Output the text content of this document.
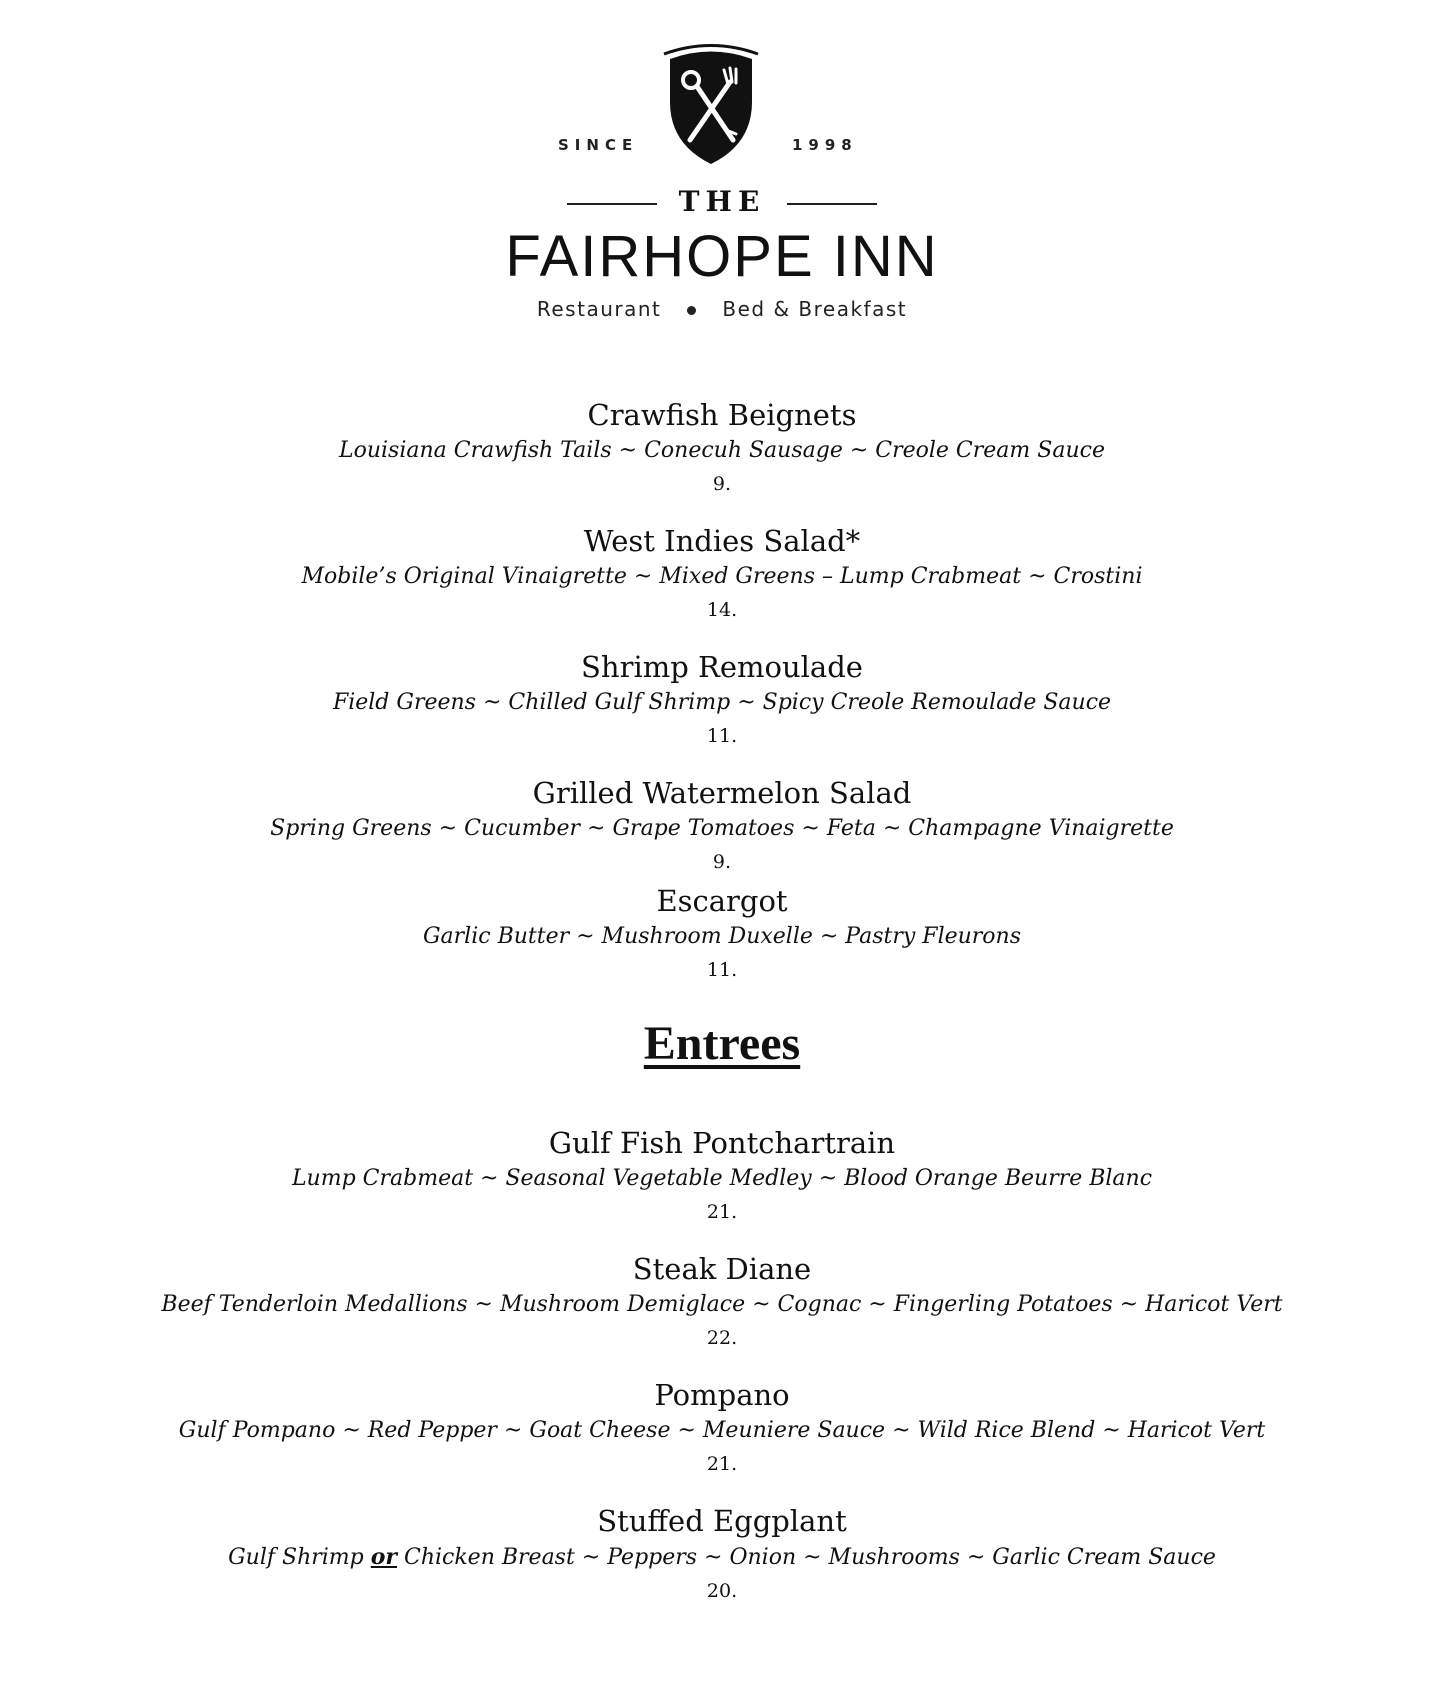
SINCE	1998
THE
FAIRHOPE INN
Restaurant	Bed & Breakfast
Crawfish Beignets
Louisiana Crawfish Tails ~ Conecuh Sausage ~ Creole Cream Sauce
9.
West Indies Salad*
Mobile’s Original Vinaigrette ~ Mixed Greens – Lump Crabmeat ~ Crostini
14.
Shrimp Remoulade
Field Greens ~ Chilled Gulf Shrimp ~ Spicy Creole Remoulade Sauce
11.
Grilled Watermelon Salad
Spring Greens ~ Cucumber ~ Grape Tomatoes ~ Feta ~ Champagne Vinaigrette
9.
Escargot
Garlic Butter ~ Mushroom Duxelle ~ Pastry Fleurons
11.
Entrees
Gulf Fish Pontchartrain
Lump Crabmeat ~ Seasonal Vegetable Medley ~ Blood Orange Beurre Blanc
21.
Steak Diane
Beef Tenderloin Medallions ~ Mushroom Demiglace ~ Cognac ~ Fingerling Potatoes ~ Haricot Vert
22.
Pompano
Gulf Pompano ~ Red Pepper ~ Goat Cheese ~ Meuniere Sauce ~ Wild Rice Blend ~ Haricot Vert
21.
Stuffed Eggplant
Gulf Shrimp or Chicken Breast ~ Peppers ~ Onion ~ Mushrooms ~ Garlic Cream Sauce
20.
